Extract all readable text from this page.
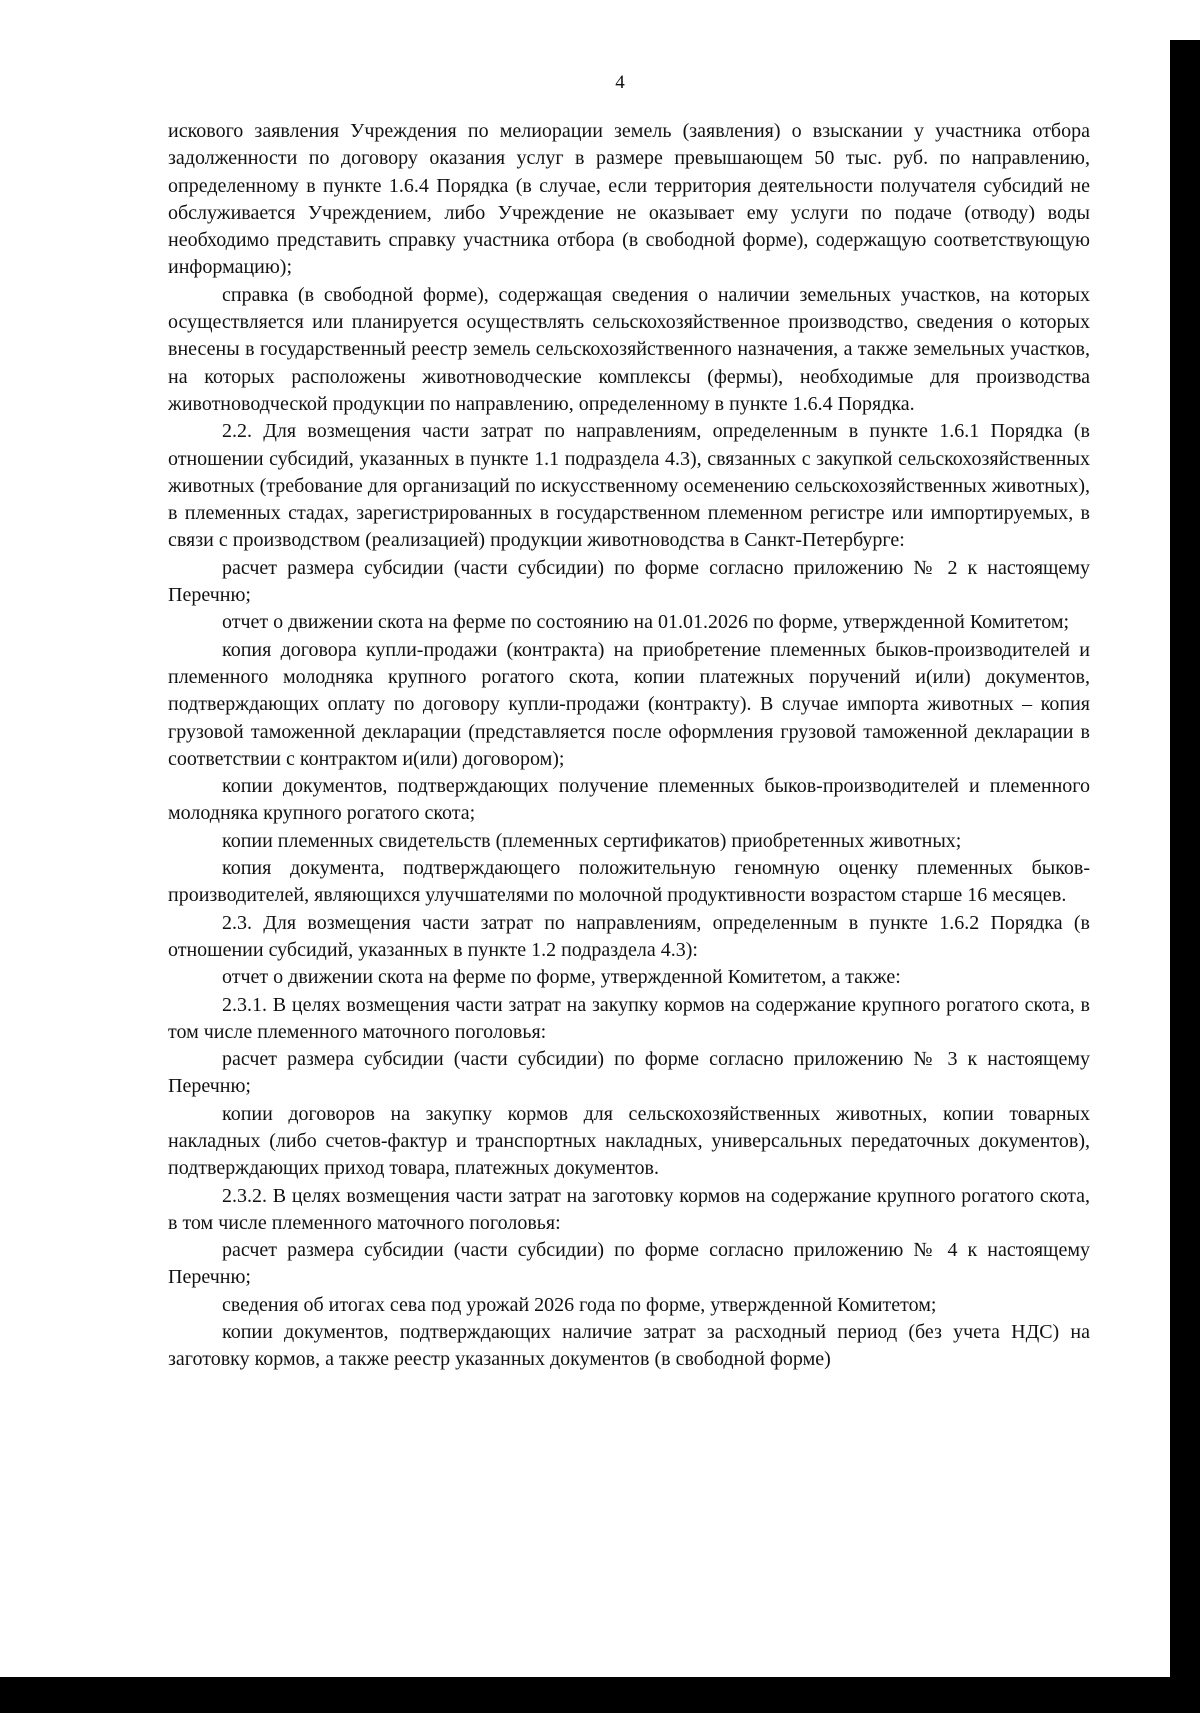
4

искового заявления Учреждения по мелиорации земель (заявления) о взыскании у участника отбора задолженности по договору оказания услуг в размере превышающем 50 тыс. руб. по направлению, определенному в пункте 1.6.4 Порядка (в случае, если территория деятельности получателя субсидий не обслуживается Учреждением, либо Учреждение не оказывает ему услуги по подаче (отводу) воды необходимо представить справку участника отбора (в свободной форме), содержащую соответствующую информацию);

справка (в свободной форме), содержащая сведения о наличии земельных участков, на которых осуществляется или планируется осуществлять сельскохозяйственное производство, сведения о которых внесены в государственный реестр земель сельскохозяйственного назначения, а также земельных участков, на которых расположены животноводческие комплексы (фермы), необходимые для производства животноводческой продукции по направлению, определенному в пункте 1.6.4 Порядка.

2.2. Для возмещения части затрат по направлениям, определенным в пункте 1.6.1 Порядка (в отношении субсидий, указанных в пункте 1.1 подраздела 4.3), связанных с закупкой сельскохозяйственных животных (требование для организаций по искусственному осеменению сельскохозяйственных животных), в племенных стадах, зарегистрированных в государственном племенном регистре или импортируемых, в связи с производством (реализацией) продукции животноводства в Санкт-Петербурге:

расчет размера субсидии (части субсидии) по форме согласно приложению № 2 к настоящему Перечню;

отчет о движении скота на ферме по состоянию на 01.01.2026 по форме, утвержденной Комитетом;

копия договора купли-продажи (контракта) на приобретение племенных быков-производителей и племенного молодняка крупного рогатого скота, копии платежных поручений и(или) документов, подтверждающих оплату по договору купли-продажи (контракту). В случае импорта животных – копия грузовой таможенной декларации (представляется после оформления грузовой таможенной декларации в соответствии с контрактом и(или) договором);

копии документов, подтверждающих получение племенных быков-производителей и племенного молодняка крупного рогатого скота;

копии племенных свидетельств (племенных сертификатов) приобретенных животных;

копия документа, подтверждающего положительную геномную оценку племенных быков-производителей, являющихся улучшателями по молочной продуктивности возрастом старше 16 месяцев.

2.3. Для возмещения части затрат по направлениям, определенным в пункте 1.6.2 Порядка (в отношении субсидий, указанных в пункте 1.2 подраздела 4.3):

отчет о движении скота на ферме по форме, утвержденной Комитетом, а также:

2.3.1. В целях возмещения части затрат на закупку кормов на содержание крупного рогатого скота, в том числе племенного маточного поголовья:

расчет размера субсидии (части субсидии) по форме согласно приложению № 3 к настоящему Перечню;

копии договоров на закупку кормов для сельскохозяйственных животных, копии товарных накладных (либо счетов-фактур и транспортных накладных, универсальных передаточных документов), подтверждающих приход товара, платежных документов.

2.3.2. В целях возмещения части затрат на заготовку кормов на содержание крупного рогатого скота, в том числе племенного маточного поголовья:

расчет размера субсидии (части субсидии) по форме согласно приложению № 4 к настоящему Перечню;

сведения об итогах сева под урожай 2026 года по форме, утвержденной Комитетом;

копии документов, подтверждающих наличие затрат за расходный период (без учета НДС) на заготовку кормов, а также реестр указанных документов (в свободной форме)
